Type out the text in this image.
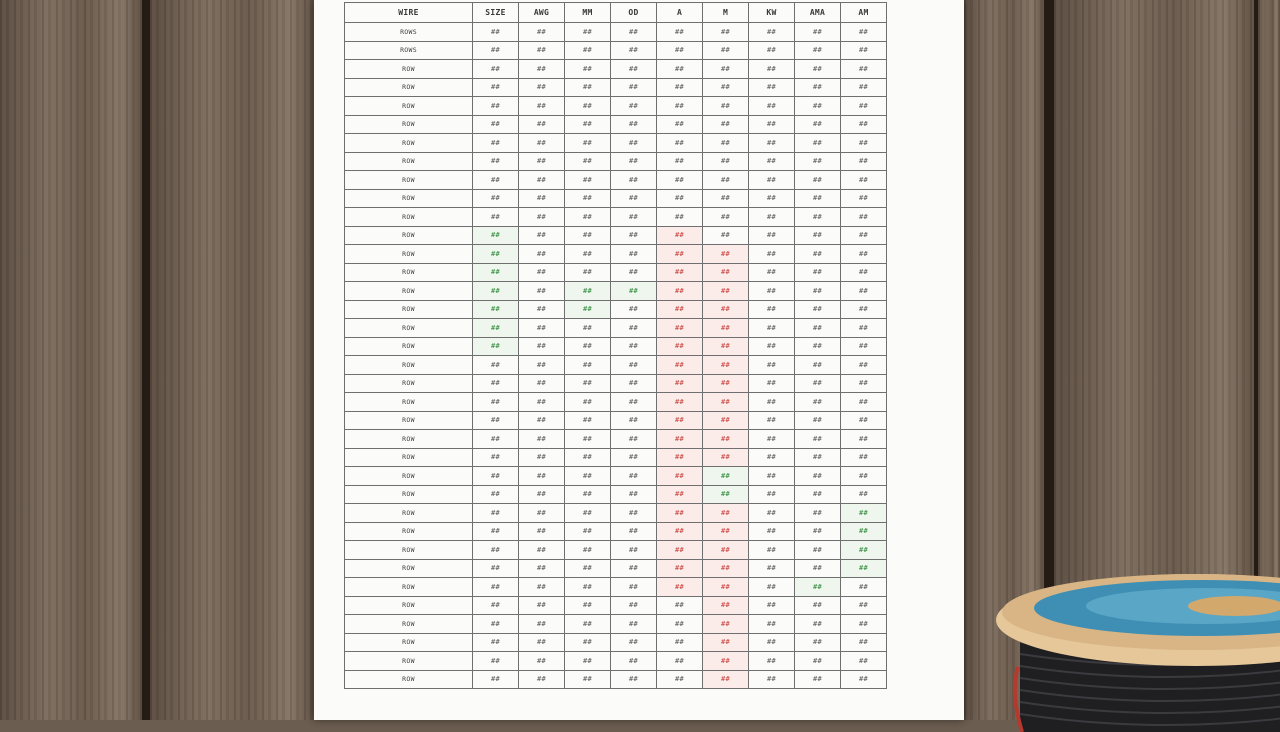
WIRE	SIZE	AWG	MM	OD	A	M	KW	AMA	AM
ROWS	##	##	##	##	##	##	##	##	##
ROWS	##	##	##	##	##	##	##	##	##
ROW	##	##	##	##	##	##	##	##	##
ROW	##	##	##	##	##	##	##	##	##
ROW	##	##	##	##	##	##	##	##	##
ROW	##	##	##	##	##	##	##	##	##
ROW	##	##	##	##	##	##	##	##	##
ROW	##	##	##	##	##	##	##	##	##
ROW	##	##	##	##	##	##	##	##	##
ROW	##	##	##	##	##	##	##	##	##
ROW	##	##	##	##	##	##	##	##	##
ROW	##	##	##	##	##	##	##	##	##
ROW	##	##	##	##	##	##	##	##	##
ROW	##	##	##	##	##	##	##	##	##
ROW	##	##	##	##	##	##	##	##	##
ROW	##	##	##	##	##	##	##	##	##
ROW	##	##	##	##	##	##	##	##	##
ROW	##	##	##	##	##	##	##	##	##
ROW	##	##	##	##	##	##	##	##	##
ROW	##	##	##	##	##	##	##	##	##
ROW	##	##	##	##	##	##	##	##	##
ROW	##	##	##	##	##	##	##	##	##
ROW	##	##	##	##	##	##	##	##	##
ROW	##	##	##	##	##	##	##	##	##
ROW	##	##	##	##	##	##	##	##	##
ROW	##	##	##	##	##	##	##	##	##
ROW	##	##	##	##	##	##	##	##	##
ROW	##	##	##	##	##	##	##	##	##
ROW	##	##	##	##	##	##	##	##	##
ROW	##	##	##	##	##	##	##	##	##
ROW	##	##	##	##	##	##	##	##	##
ROW	##	##	##	##	##	##	##	##	##
ROW	##	##	##	##	##	##	##	##	##
ROW	##	##	##	##	##	##	##	##	##
ROW	##	##	##	##	##	##	##	##	##
ROW	##	##	##	##	##	##	##	##	##
